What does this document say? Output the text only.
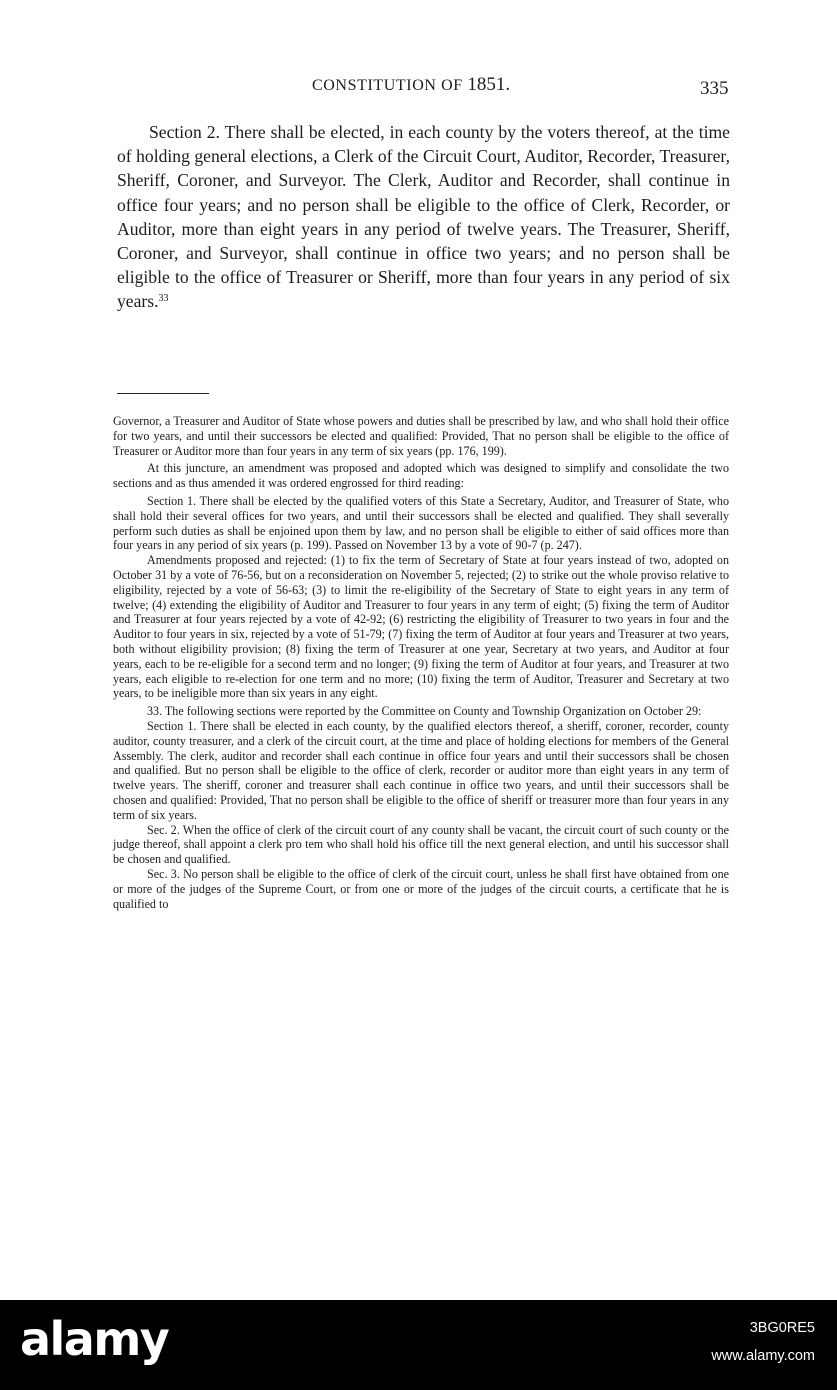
CONSTITUTION OF 1851.	335

Section 2. There shall be elected, in each county by the voters thereof, at the time of holding general elections, a Clerk of the Circuit Court, Auditor, Recorder, Treasurer, Sheriff, Coroner, and Surveyor. The Clerk, Auditor and Recorder, shall continue in office four years; and no person shall be eligible to the office of Clerk, Recorder, or Auditor, more than eight years in any period of twelve years. The Treasurer, Sheriff, Coroner, and Surveyor, shall continue in office two years; and no person shall be eligible to the office of Treasurer or Sheriff, more than four years in any period of six years.$^{33}$

Governor, a Treasurer and Auditor of State whose powers and duties shall be prescribed by law, and who shall hold their office for two years, and until their successors be elected and qualified: Provided, That no person shall be eligible to the office of Treasurer or Auditor more than four years in any term of six years (pp. 176, 199).

At this juncture, an amendment was proposed and adopted which was designed to simplify and consolidate the two sections and as thus amended it was ordered engrossed for third reading:

Section 1. There shall be elected by the qualified voters of this State a Secretary, Auditor, and Treasurer of State, who shall hold their several offices for two years, and until their successors shall be elected and qualified. They shall severally perform such duties as shall be enjoined upon them by law, and no person shall be eligible to either of said offices more than four years in any period of six years (p. 199). Passed on November 13 by a vote of 90-7 (p. 247).

Amendments proposed and rejected: (1) to fix the term of Secretary of State at four years instead of two, adopted on October 31 by a vote of 76-56, but on a reconsideration on November 5, rejected; (2) to strike out the whole proviso relative to eligibility, rejected by a vote of 56-63; (3) to limit the re-eligibility of the Secretary of State to eight years in any term of twelve; (4) extending the eligibility of Auditor and Treasurer to four years in any term of eight; (5) fixing the term of Auditor and Treasurer at four years rejected by a vote of 42-92; (6) restricting the eligibility of Treasurer to two years in four and the Auditor to four years in six, rejected by a vote of 51-79; (7) fixing the term of Auditor at four years and Treasurer at two years, both without eligibility provision; (8) fixing the term of Treasurer at one year, Secretary at two years, and Auditor at four years, each to be re-eligible for a second term and no longer; (9) fixing the term of Auditor at four years, and Treasurer at two years, each eligible to re-election for one term and no more; (10) fixing the term of Auditor, Treasurer and Secretary at two years, to be ineligible more than six years in any eight.

33. The following sections were reported by the Committee on County and Township Organization on October 29:

Section 1. There shall be elected in each county, by the qualified electors thereof, a sheriff, coroner, recorder, county auditor, county treasurer, and a clerk of the circuit court, at the time and place of holding elections for members of the General Assembly. The clerk, auditor and recorder shall each continue in office four years and until their successors shall be chosen and qualified. But no person shall be eligible to the office of clerk, recorder or auditor more than eight years in any term of twelve years. The sheriff, coroner and treasurer shall each continue in office two years, and until their successors shall be chosen and qualified: Provided, That no person shall be eligible to the office of sheriff or treasurer more than four years in any term of six years.

Sec. 2. When the office of clerk of the circuit court of any county shall be vacant, the circuit court of such county or the judge thereof, shall appoint a clerk pro tem who shall hold his office till the next general election, and until his successor shall be chosen and qualified.

Sec. 3. No person shall be eligible to the office of clerk of the circuit court, unless he shall first have obtained from one or more of the judges of the Supreme Court, or from one or more of the judges of the circuit courts, a certificate that he is qualified to

alamy	3BG0RE5
www.alamy.com
